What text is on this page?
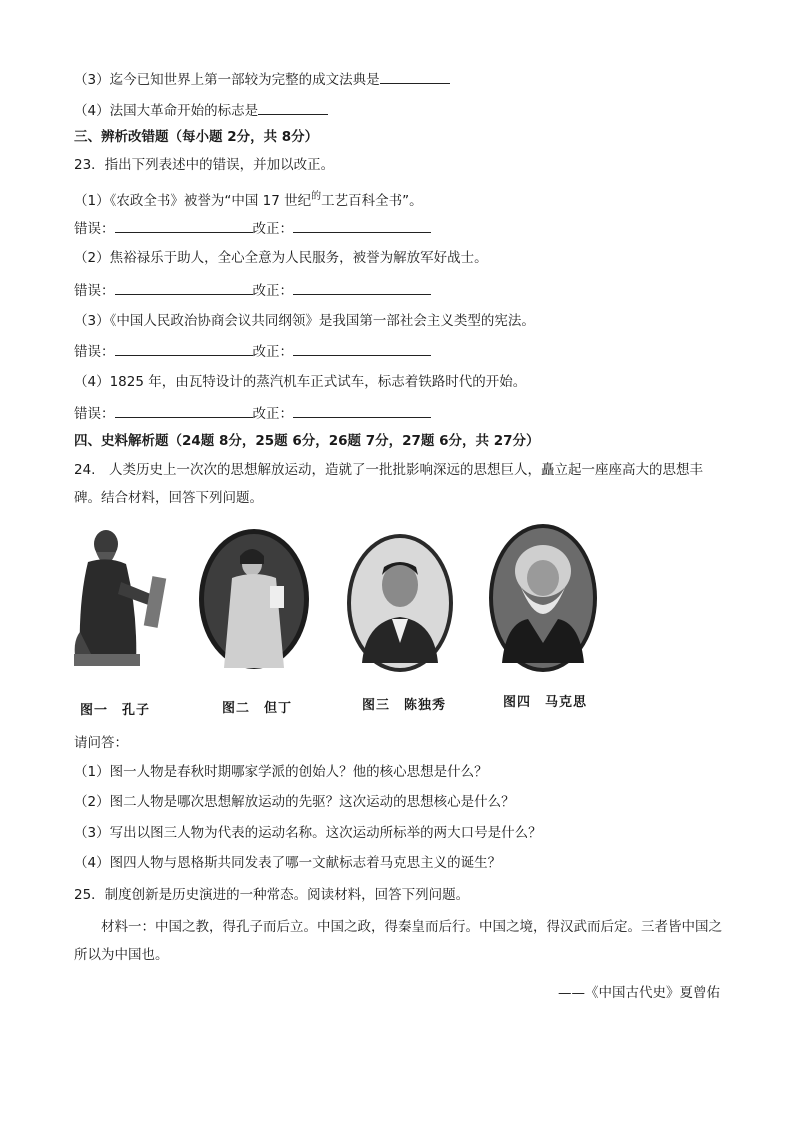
（3）迄今已知世界上第一部较为完整的成文法典是
（4）法国大革命开始的标志是
三、辨析改错题（每小题 2分，共 8分）
23．指出下列表述中的错误，并加以改正。
（1）《农政全书》被誉为“中国 17 世纪$^的$工艺百科全书”。
错误：	改正：
（2）焦裕禄乐于助人，全心全意为人民服务，被誉为解放军好战士。
错误：	改正：
（3）《中国人民政治协商会议共同纲领》是我国第一部社会主义类型的宪法。
错误：	改正：
（4）1825 年，由瓦特设计的蒸汽机车正式试车，标志着铁路时代的开始。
错误：	改正：
四、史料解析题（24题 8分，25题 6分，26题 7分，27题 6分，共 27分）
24.　人类历史上一次次的思想解放运动，造就了一批批影响深远的思想巨人，矗立起一座座高大的思想丰碑。结合材料，回答下列问题。
图一　孔子	图二　但丁	图三　陈独秀	图四　马克思
请问答：
（1）图一人物是春秋时期哪家学派的创始人？他的核心思想是什么？
（2）图二人物是哪次思想解放运动的先驱？这次运动的思想核心是什么？
（3）写出以图三人物为代表的运动名称。这次运动所标举的两大口号是什么？
（4）图四人物与恩格斯共同发表了哪一文献标志着马克思主义的诞生？
25．制度创新是历史演进的一种常态。阅读材料，回答下列问题。
材料一：中国之教，得孔子而后立。中国之政，得秦皇而后行。中国之境，得汉武而后定。三者皆中国之所以为中国也。
——《中国古代史》夏曾佑
